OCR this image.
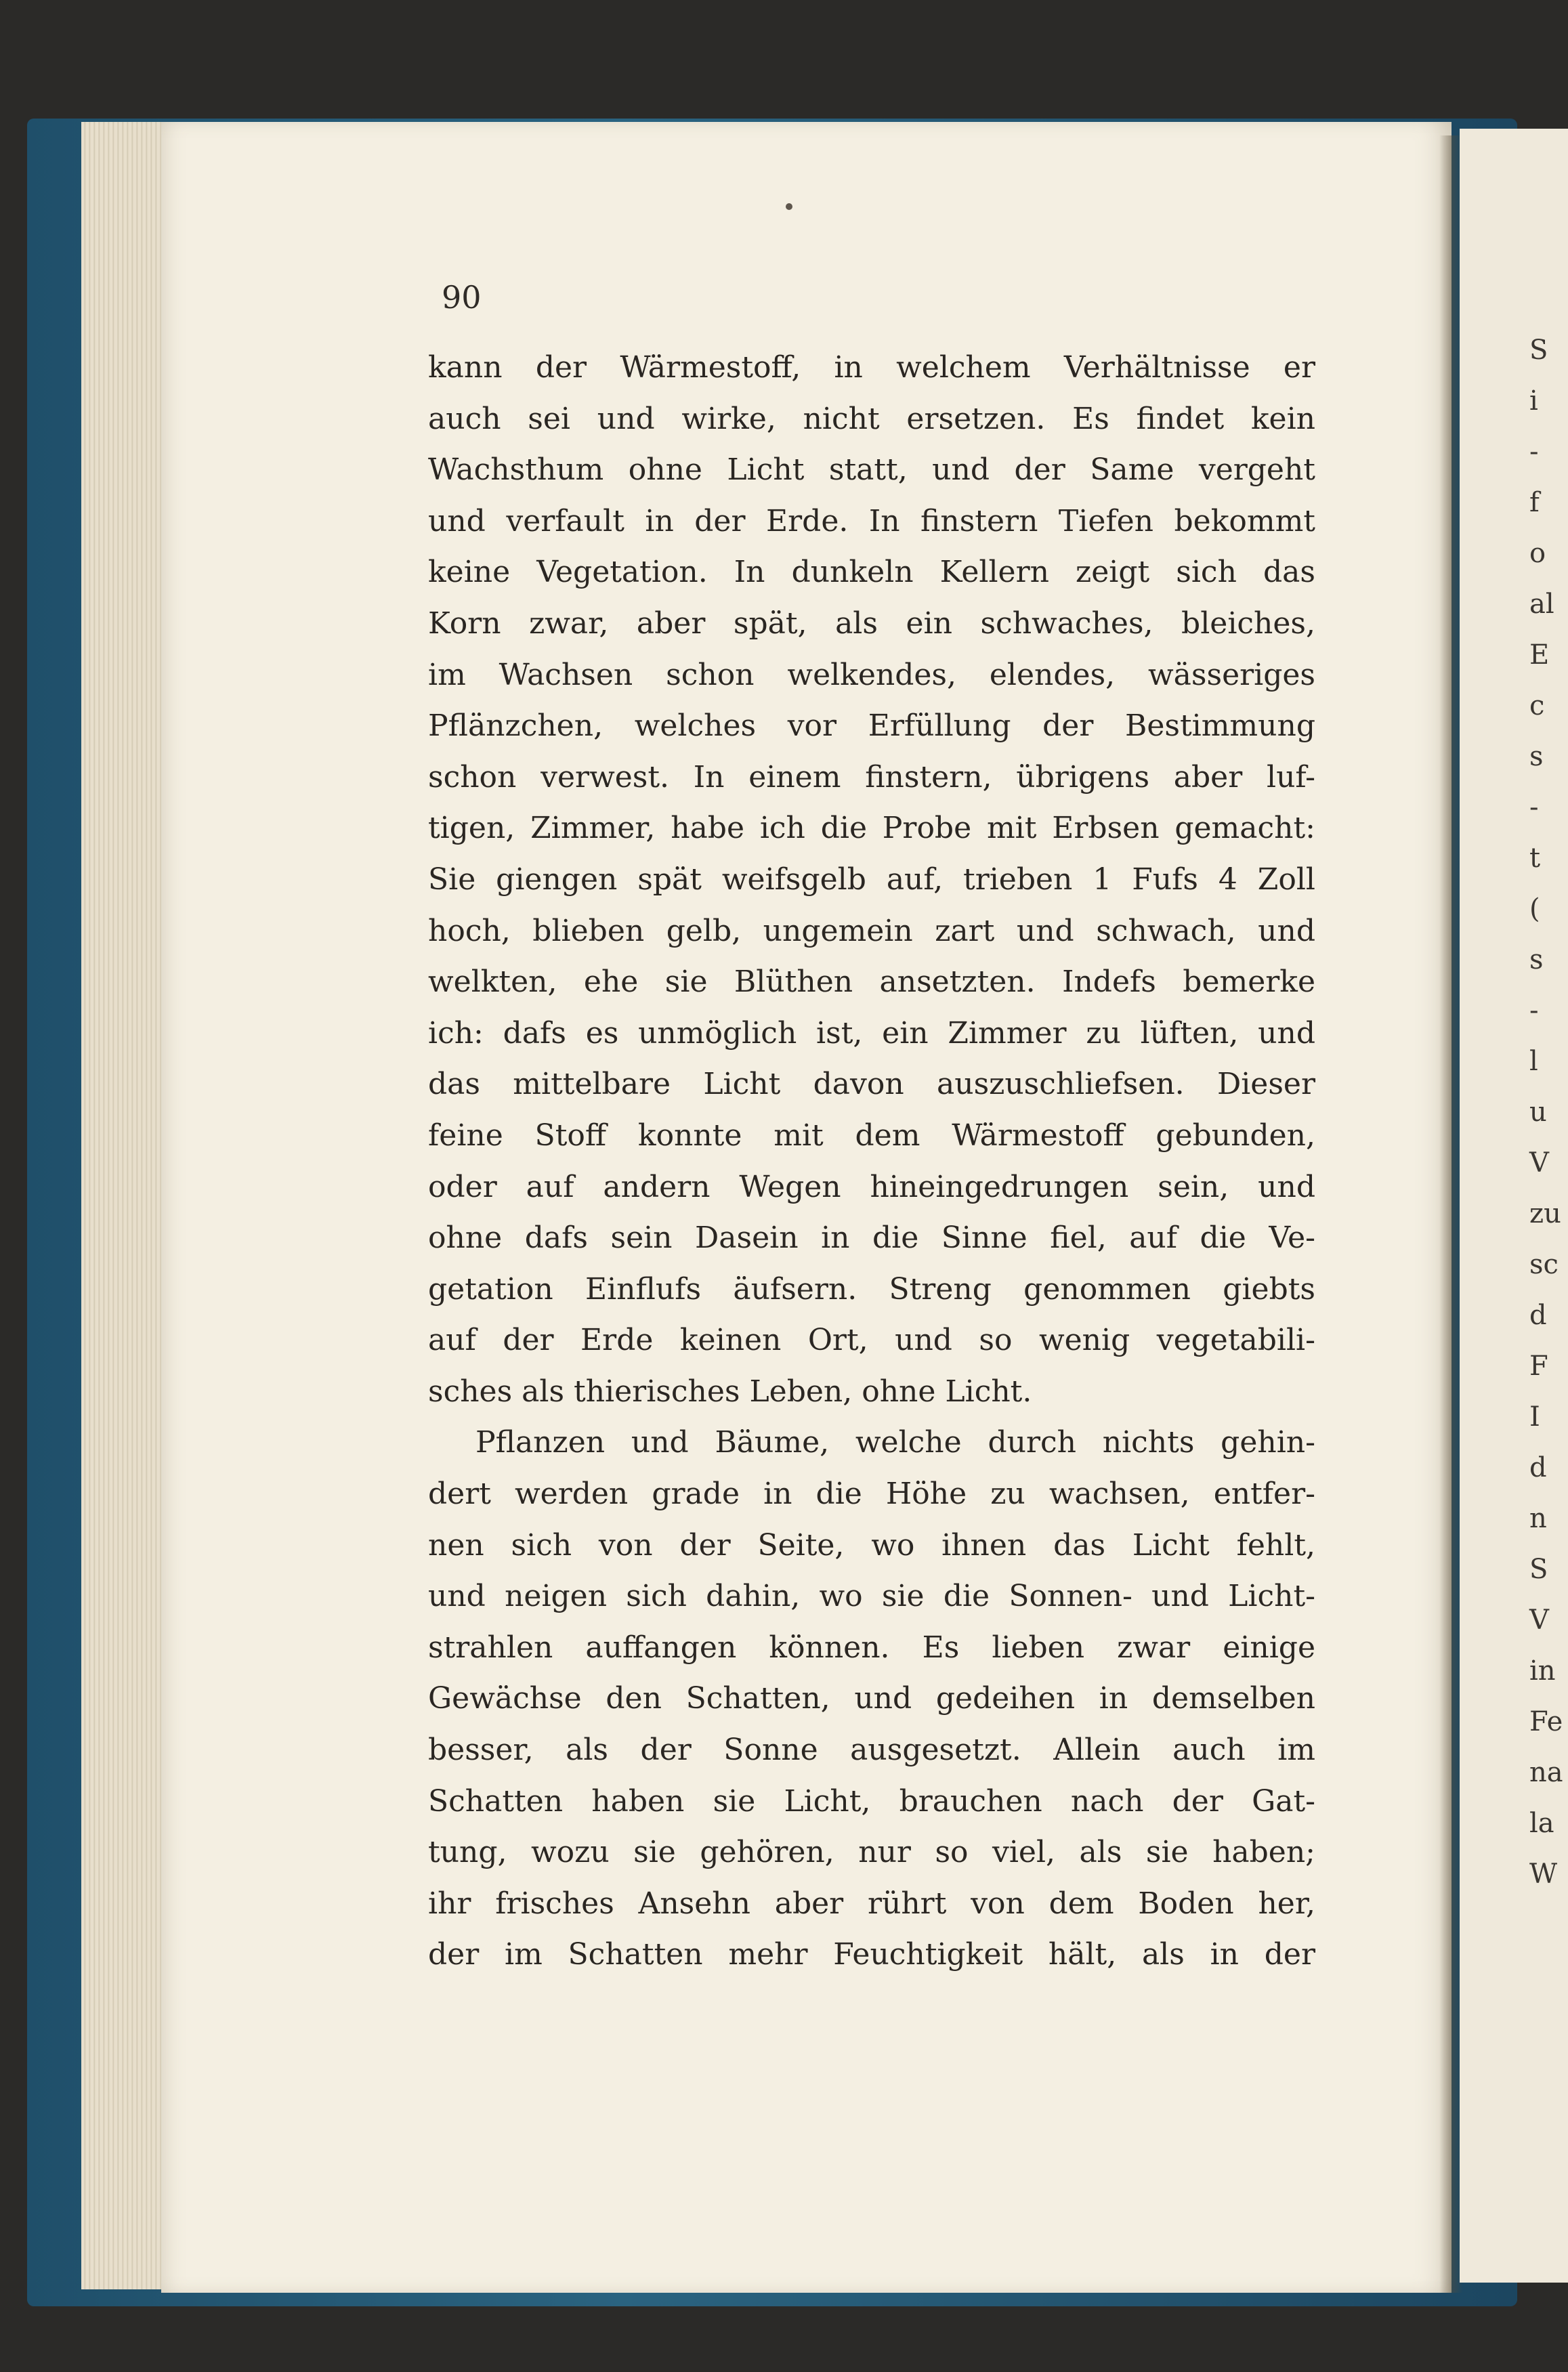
90
kann der Wärmestoff, in welchem Verhältnisse er
auch sei und wirke, nicht ersetzen. Es findet kein
Wachsthum ohne Licht statt, und der Same vergeht
und verfault in der Erde. In finstern Tiefen bekommt
keine Vegetation. In dunkeln Kellern zeigt sich das
Korn zwar, aber spät, als ein schwaches, bleiches,
im Wachsen schon welkendes, elendes, wässeriges
Pflänzchen, welches vor Erfüllung der Bestimmung
schon verwest. In einem finstern, übrigens aber luf-
tigen, Zimmer, habe ich die Probe mit Erbsen gemacht:
Sie giengen spät weifsgelb auf, trieben 1 Fufs 4 Zoll
hoch, blieben gelb, ungemein zart und schwach, und
welkten, ehe sie Blüthen ansetzten. Indefs bemerke
ich: dafs es unmöglich ist, ein Zimmer zu lüften, und
das mittelbare Licht davon auszuschliefsen. Dieser
feine Stoff konnte mit dem Wärmestoff gebunden,
oder auf andern Wegen hineingedrungen sein, und
ohne dafs sein Dasein in die Sinne fiel, auf die Ve-
getation Einflufs äufsern. Streng genommen giebts
auf der Erde keinen Ort, und so wenig vegetabili-
sches als thierisches Leben, ohne Licht.
Pflanzen und Bäume, welche durch nichts gehin-
dert werden grade in die Höhe zu wachsen, entfer-
nen sich von der Seite, wo ihnen das Licht fehlt,
und neigen sich dahin, wo sie die Sonnen- und Licht-
strahlen auffangen können. Es lieben zwar einige
Gewächse den Schatten, und gedeihen in demselben
besser, als der Sonne ausgesetzt. Allein auch im
Schatten haben sie Licht, brauchen nach der Gat-
tung, wozu sie gehören, nur so viel, als sie haben;
ihr frisches Ansehn aber rührt von dem Boden her,
der im Schatten mehr Feuchtigkeit hält, als in der
S
i
-
f
o
al
E
c
s
-
t
(
s
-
l
u
V
zu
sc
d
F
I
d
n
S
V
in
Fe
na
la
W
